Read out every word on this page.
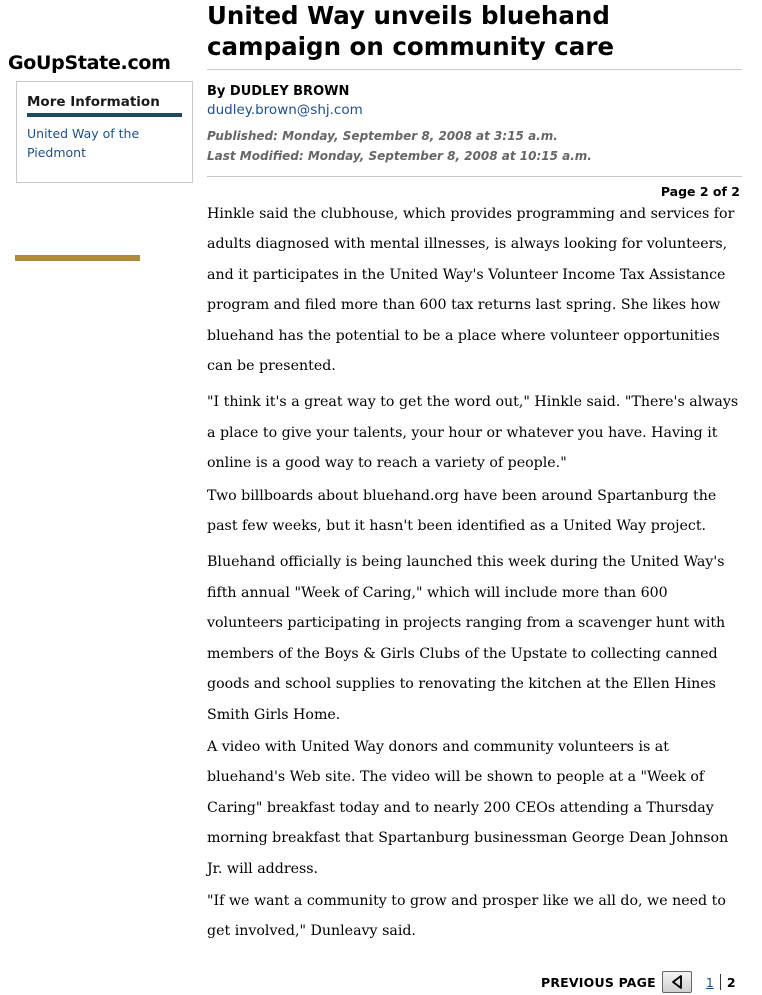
United Way unveils bluehand campaign on community care
GoUpState.com
More Information
United Way of the Piedmont
By DUDLEY BROWN
dudley.brown@shj.com
Published: Monday, September 8, 2008 at 3:15 a.m.
Last Modified: Monday, September 8, 2008 at 10:15 a.m.
Page 2 of 2

Hinkle said the clubhouse, which provides programming and services for adults diagnosed with mental illnesses, is always looking for volunteers, and it participates in the United Way's Volunteer Income Tax Assistance program and filed more than 600 tax returns last spring. She likes how bluehand has the potential to be a place where volunteer opportunities can be presented.

"I think it's a great way to get the word out," Hinkle said. "There's always a place to give your talents, your hour or whatever you have. Having it online is a good way to reach a variety of people."

Two billboards about bluehand.org have been around Spartanburg the past few weeks, but it hasn't been identified as a United Way project.

Bluehand officially is being launched this week during the United Way's fifth annual "Week of Caring," which will include more than 600 volunteers participating in projects ranging from a scavenger hunt with members of the Boys & Girls Clubs of the Upstate to collecting canned goods and school supplies to renovating the kitchen at the Ellen Hines Smith Girls Home.

A video with United Way donors and community volunteers is at bluehand's Web site. The video will be shown to people at a "Week of Caring" breakfast today and to nearly 200 CEOs attending a Thursday morning breakfast that Spartanburg businessman George Dean Johnson Jr. will address.

"If we want a community to grow and prosper like we all do, we need to get involved," Dunleavy said.

PREVIOUS PAGE	1	2
